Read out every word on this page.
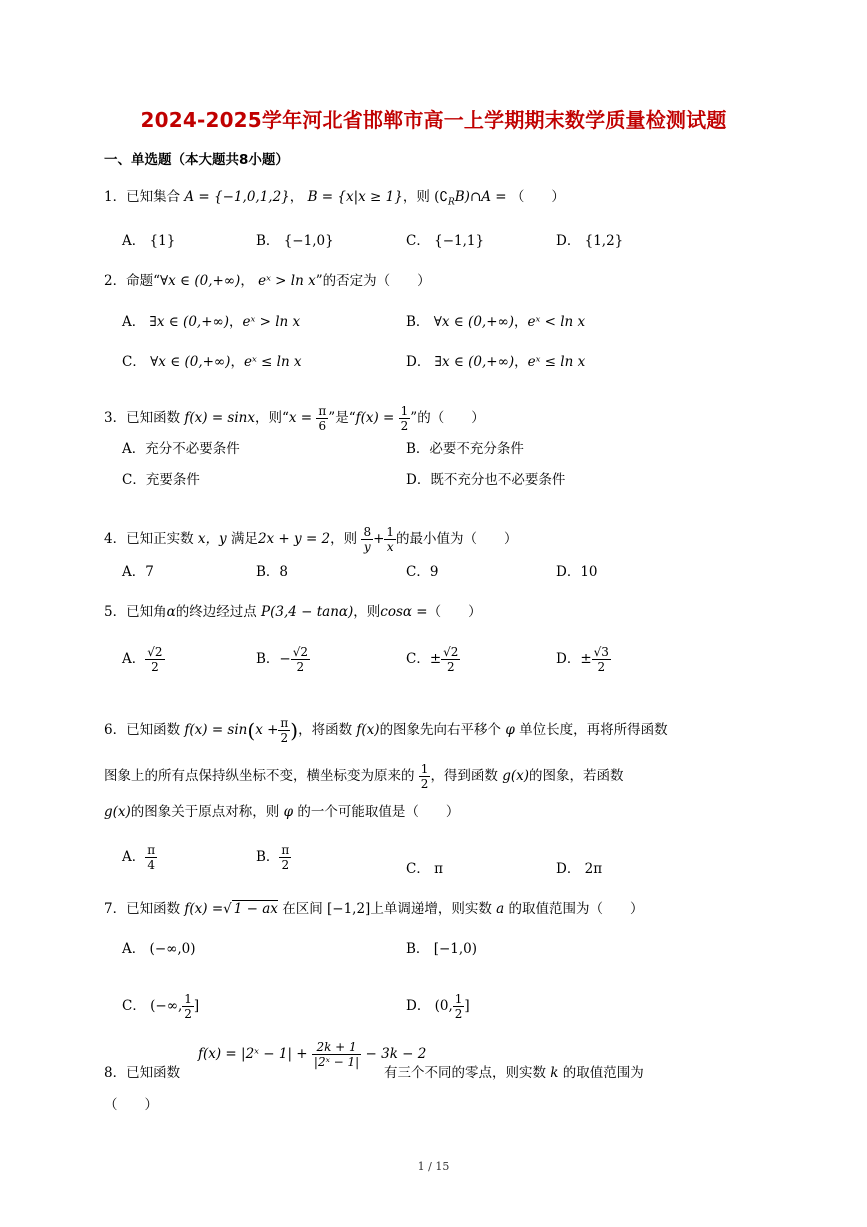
2024-2025学年河北省邯郸市高一上学期期末数学质量检测试题
一、单选题（本大题共8小题）
1．已知集合 A = {−1,0,1,2}， B = {x|x ≥ 1}，则 $(∁_RB)\cap A$ = （　　）
A． {1}	B． {−1,0}	C． {−1,1}	D． {1,2}
2．命题“∀x ∈ (0,+∞)， eˣ > ln x”的否定为（　　）
A． ∃x ∈ (0,+∞)，eˣ > ln x	B． ∀x ∈ (0,+∞)，eˣ < ln x
C． ∀x ∈ (0,+∞)，eˣ ≤ ln x	D． ∃x ∈ (0,+∞)，eˣ ≤ ln x
3．已知函数 f(x) = sinx，则“$x = \frac{\pi}{6}$ ”是“$f(x) = \frac{1}{2}$ ”的（　　）
A．充分不必要条件	B．必要不充分条件
C．充要条件	D．既不充分也不必要条件
4．已知正实数 x，y 满足2x + y = 2，则 $\frac{8}{y} + \frac{1}{x}$ 的最小值为（　　）
A．7	B．8	C．9	D．10
5．已知角α的终边经过点 P(3,4 − tanα)，则cosα =（　　）
A． $\frac{√2}{2}$	B．− $\frac{√2}{2}$	C．± $\frac{√2}{2}$	D．± $\frac{√3}{2}$
6．已知函数 $f(x) = \sin(x + \frac{\pi}{2}$ )，将函数 f(x)的图象先向右平移个 φ 单位长度，再将所得函数
图象上的所有点保持纵坐标不变，横坐标变为原来的 $\frac{1}{2}$ ，得到函数 g(x)的图象，若函数
g(x)的图象关于原点对称，则 φ 的一个可能取值是（　　）
A． $\frac{\pi}{4}$	B． $\frac{\pi}{2}$	C． π	D． 2π
7．已知函数 f(x) =√ 1 − ax 在区间 [−1,2]上单调递增，则实数 a 的取值范围为（　　）
A． (−∞,0)	B． [−1,0)
C． (−∞, $\frac{1}{2}$ ]	D． (0, $\frac{1}{2}$ ]
f(x) = |2ˣ − $1| + \frac{2k + 1}{\text{|2ˣ − 1|}} - 3k - 2$
8．已知函数	有三个不同的零点，则实数 k 的取值范围为
（　　）
1 / 15
